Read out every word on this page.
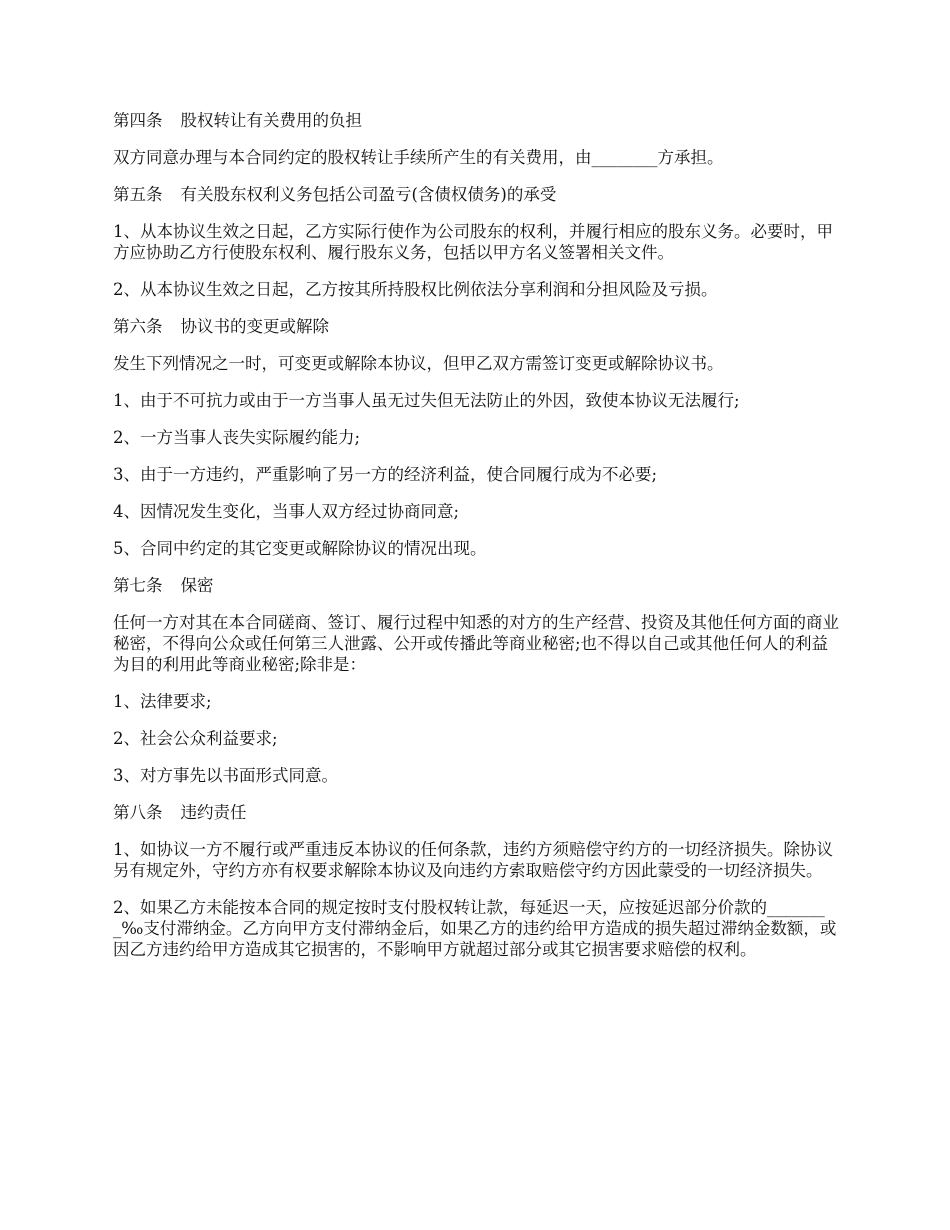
第四条 股权转让有关费用的负担

双方同意办理与本合同约定的股权转让手续所产生的有关费用，由________方承担。

第五条 有关股东权利义务包括公司盈亏(含债权债务)的承受

1、从本协议生效之日起，乙方实际行使作为公司股东的权利，并履行相应的股东义务。必要时，甲方应协助乙方行使股东权利、履行股东义务，包括以甲方名义签署相关文件。

2、从本协议生效之日起，乙方按其所持股权比例依法分享利润和分担风险及亏损。

第六条 协议书的变更或解除

发生下列情况之一时，可变更或解除本协议，但甲乙双方需签订变更或解除协议书。

1、由于不可抗力或由于一方当事人虽无过失但无法防止的外因，致使本协议无法履行;

2、一方当事人丧失实际履约能力;

3、由于一方违约，严重影响了另一方的经济利益，使合同履行成为不必要;

4、因情况发生变化，当事人双方经过协商同意;

5、合同中约定的其它变更或解除协议的情况出现。

第七条 保密

任何一方对其在本合同磋商、签订、履行过程中知悉的对方的生产经营、投资及其他任何方面的商业秘密，不得向公众或任何第三人泄露、公开或传播此等商业秘密;也不得以自己或其他任何人的利益为目的利用此等商业秘密;除非是：

1、法律要求;

2、社会公众利益要求;

3、对方事先以书面形式同意。

第八条 违约责任

1、如协议一方不履行或严重违反本协议的任何条款，违约方须赔偿守约方的一切经济损失。除协议另有规定外，守约方亦有权要求解除本协议及向违约方索取赔偿守约方因此蒙受的一切经济损失。

2、如果乙方未能按本合同的规定按时支付股权转让款，每延迟一天，应按延迟部分价款的________‰支付滞纳金。乙方向甲方支付滞纳金后，如果乙方的违约给甲方造成的损失超过滞纳金数额，或因乙方违约给甲方造成其它损害的，不影响甲方就超过部分或其它损害要求赔偿的权利。
